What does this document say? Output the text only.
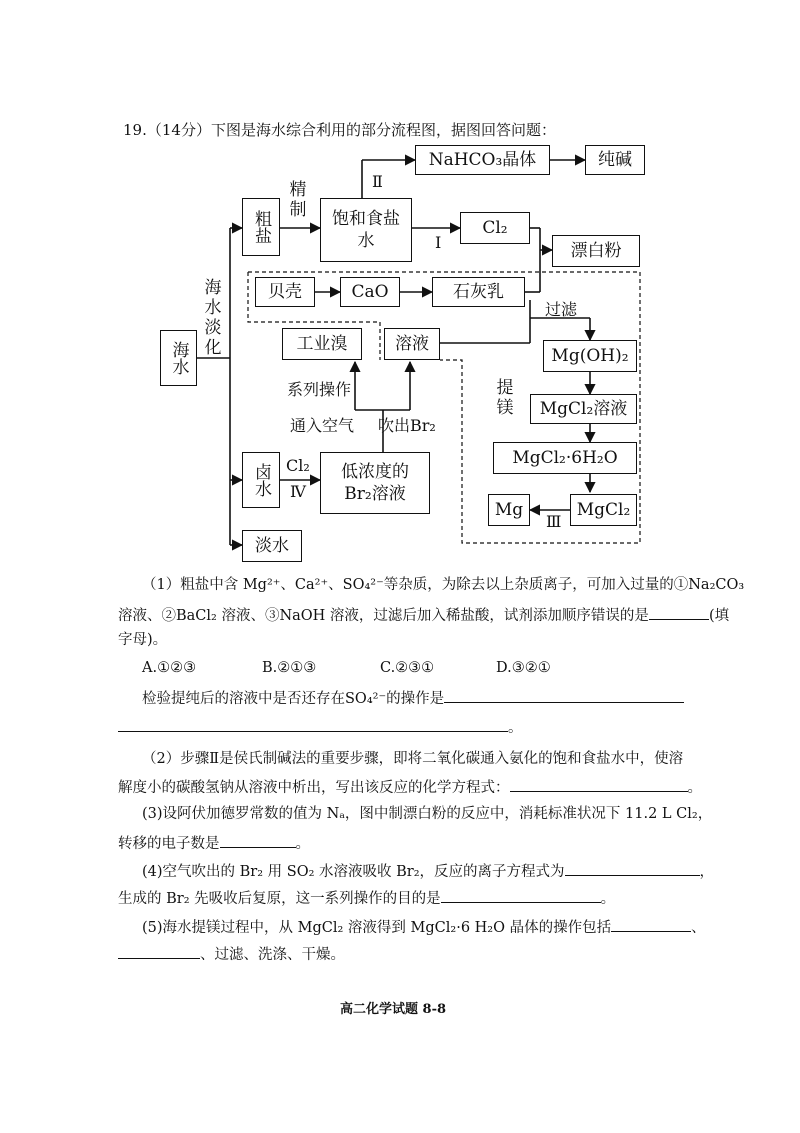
19.（14分）下图是海水综合利用的部分流程图，据图回答问题：
NaHCO₃晶体	纯碱
粗盐	饱和食盐水
Cl₂
漂白粉
海水
贝壳	CaO	石灰乳
工业溴	溶液
Mg(OH)₂
MgCl₂溶液
MgCl₂·6H₂O
卤水	低浓度的
Br₂溶液
Mg	MgCl₂
淡水
精制
Ⅱ
Ⅰ
海水淡化
过滤
提镁
系列操作
通入空气 吹出Br₂
Cl₂
Ⅳ
Ⅲ
（1）粗盐中含 Mg²⁺、Ca²⁺、SO₄²⁻等杂质，为除去以上杂质离子，可加入过量的①Na₂CO₃
溶液、②BaCl₂ 溶液、③NaOH 溶液，过滤后加入稀盐酸，试剂添加顺序错误的是	(填
字母)。
A.①②③	B.②①③	C.②③①	D.③②①
检验提纯后的溶液中是否还存在SO₄²⁻的操作是
。
（2）步骤Ⅱ是侯氏制碱法的重要步骤，即将二氧化碳通入氨化的饱和食盐水中，使溶
解度小的碳酸氢钠从溶液中析出，写出该反应的化学方程式：	。
(3)设阿伏加德罗常数的值为 Nₐ，图中制漂白粉的反应中，消耗标准状况下 11.2 L Cl₂，
转移的电子数是	。
(4)空气吹出的 Br₂ 用 SO₂ 水溶液吸收 Br₂，反应的离子方程式为	，
生成的 Br₂ 先吸收后复原，这一系列操作的目的是	。
(5)海水提镁过程中，从 MgCl₂ 溶液得到 MgCl₂·6 H₂O 晶体的操作包括	、
、过滤、洗涤、干燥。
高二化学试题 8-8
